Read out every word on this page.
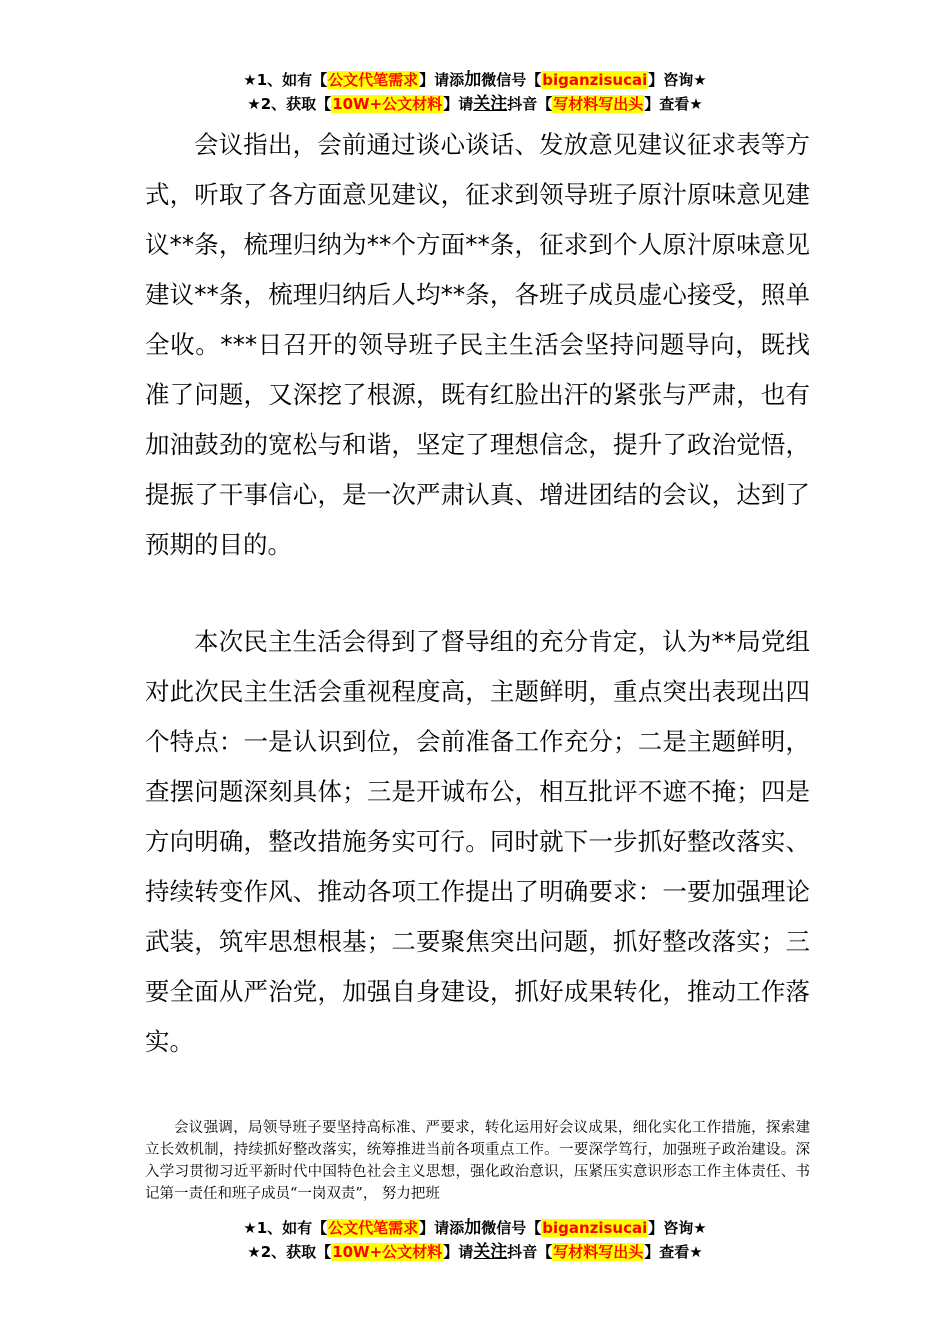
★1、如有【公文代笔需求】请添加微信号【biganzisucai】咨询★
★2、获取【10W+公文材料】请关注抖音【写材料写出头】查看★

会议指出，会前通过谈心谈话、发放意见建议征求表等方式，听取了各方面意见建议，征求到领导班子原汁原味意见建议**条，梳理归纳为**个方面**条，征求到个人原汁原味意见建议**条，梳理归纳后人均**条，各班子成员虚心接受，照单全收。***日召开的领导班子民主生活会坚持问题导向，既找准了问题，又深挖了根源，既有红脸出汗的紧张与严肃，也有加油鼓劲的宽松与和谐，坚定了理想信念，提升了政治觉悟，提振了干事信心，是一次严肃认真、增进团结的会议，达到了预期的目的。

本次民主生活会得到了督导组的充分肯定，认为**局党组对此次民主生活会重视程度高，主题鲜明，重点突出表现出四个特点：一是认识到位，会前准备工作充分；二是主题鲜明，查摆问题深刻具体；三是开诚布公，相互批评不遮不掩；四是方向明确，整改措施务实可行。同时就下一步抓好整改落实、持续转变作风、推动各项工作提出了明确要求：一要加强理论武装，筑牢思想根基；二要聚焦突出问题，抓好整改落实；三要全面从严治党，加强自身建设，抓好成果转化，推动工作落实。

会议强调，局领导班子要坚持高标准、严要求，转化运用好会议成果，细化实化工作措施，探索建立长效机制，持续抓好整改落实，统筹推进当前各项重点工作。一要深学笃行，加强班子政治建设。深入学习贯彻习近平新时代中国特色社会主义思想，强化政治意识，压紧压实意识形态工作主体责任、书记第一责任和班子成员“一岗双责”， 努力把班

★1、如有【公文代笔需求】请添加微信号【biganzisucai】咨询★
★2、获取【10W+公文材料】请关注抖音【写材料写出头】查看★
